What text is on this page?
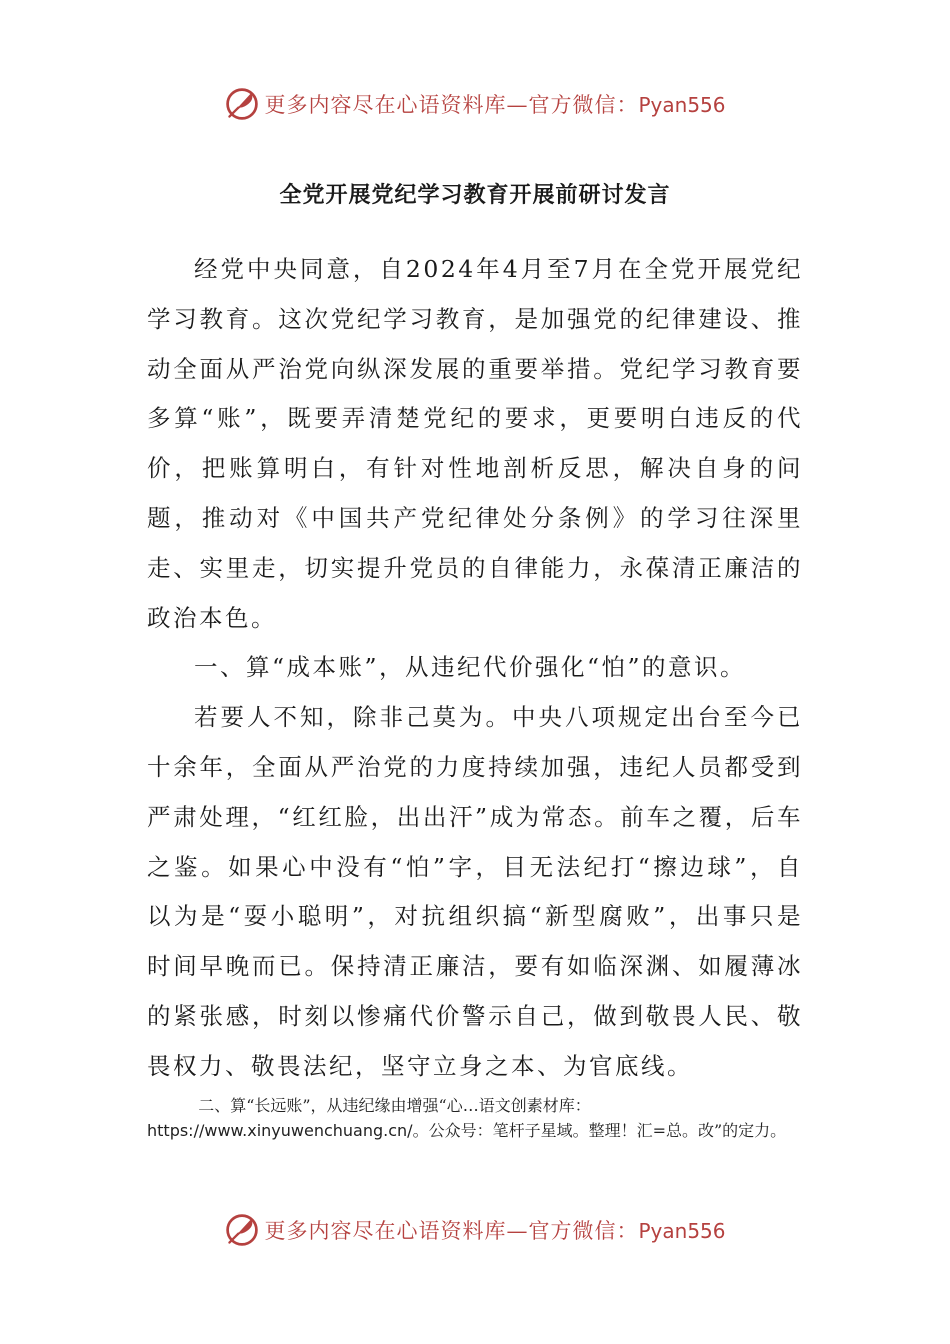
更多内容尽在心语资料库—官方微信：Pyan556
全党开展党纪学习教育开展前研讨发言

经党中央同意，自2024年4月至7月在全党开展党纪学习教育。这次党纪学习教育，是加强党的纪律建设、推动全面从严治党向纵深发展的重要举措。党纪学习教育要多算“账”，既要弄清楚党纪的要求，更要明白违反的代价，把账算明白，有针对性地剖析反思，解决自身的问题，推动对《中国共产党纪律处分条例》的学习往深里走、实里走，切实提升党员的自律能力，永葆清正廉洁的政治本色。

一、算“成本账”，从违纪代价强化“怕”的意识。

若要人不知，除非己莫为。中央八项规定出台至今已十余年，全面从严治党的力度持续加强，违纪人员都受到严肃处理，“红红脸，出出汗”成为常态。前车之覆，后车之鉴。如果心中没有“怕”字，目无法纪打“擦边球”，自以为是“耍小聪明”，对抗组织搞“新型腐败”，出事只是时间早晚而已。保持清正廉洁，要有如临深渊、如履薄冰的紧张感，时刻以惨痛代价警示自己，做到敬畏人民、敬畏权力、敬畏法纪，坚守立身之本、为官底线。

二、算“长远账”，从违纪缘由增强“心…语文创素材库：https://www.xinyuwenchuang.cn/。公众号：笔杆子星域。整理！汇=总。改”的定力。

更多内容尽在心语资料库—官方微信：Pyan556
